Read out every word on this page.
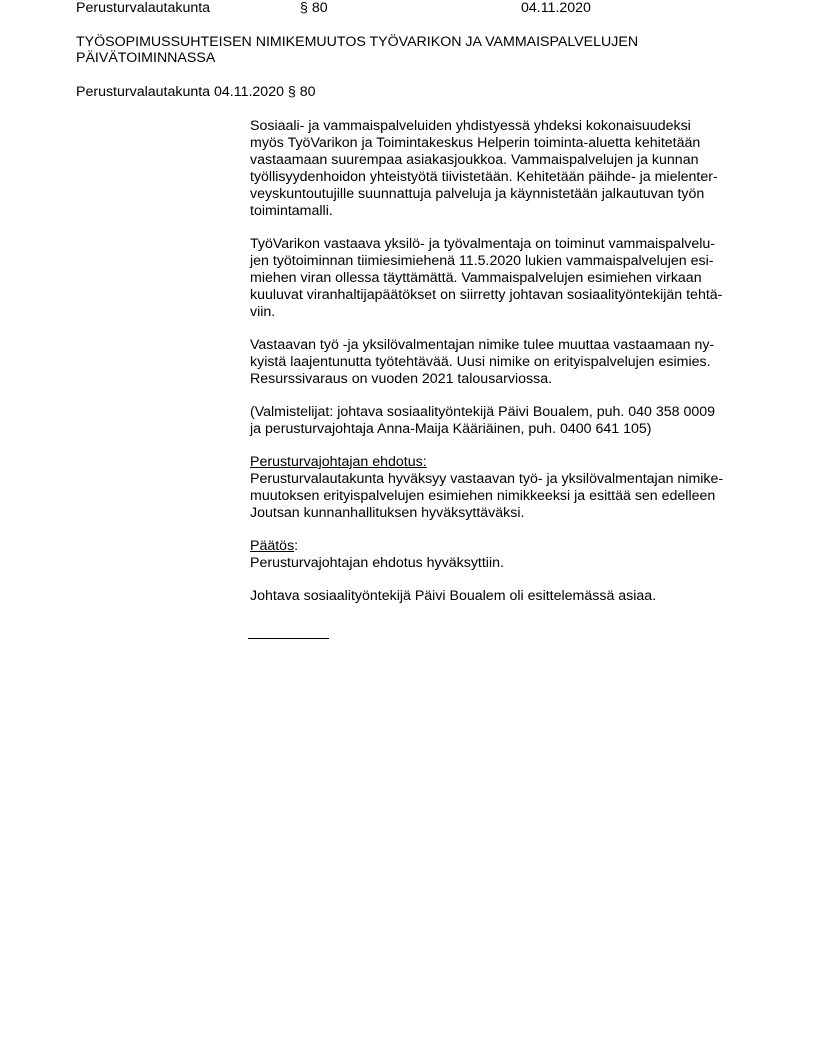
Perusturvalautakunta	§ 80	04.11.2020
TYÖSOPIMUSSUHTEISEN NIMIKEMUUTOS TYÖVARIKON JA VAMMAISPALVELUJEN
PÄIVÄTOIMINNASSA
Perusturvalautakunta 04.11.2020 § 80
Sosiaali- ja vammaispalveluiden yhdistyessä yhdeksi kokonaisuudeksi
myös TyöVarikon ja Toimintakeskus Helperin toiminta-aluetta kehitetään
vastaamaan suurempaa asiakasjoukkoa. Vammaispalvelujen ja kunnan
työllisyydenhoidon yhteistyötä tiivistetään. Kehitetään päihde- ja mielenter-
veyskuntoutujille suunnattuja palveluja ja käynnistetään jalkautuvan työn
toimintamalli.
TyöVarikon vastaava yksilö- ja työvalmentaja on toiminut vammaispalvelu-
jen työtoiminnan tiimiesimiehenä 11.5.2020 lukien vammaispalvelujen esi-
miehen viran ollessa täyttämättä. Vammaispalvelujen esimiehen virkaan
kuuluvat viranhaltijapäätökset on siirretty johtavan sosiaalityöntekijän tehtä-
viin.
Vastaavan työ -ja yksilövalmentajan nimike tulee muuttaa vastaamaan ny-
kyistä laajentunutta työtehtävää. Uusi nimike on erityispalvelujen esimies.
Resurssivaraus on vuoden 2021 talousarviossa.
(Valmistelijat: johtava sosiaalityöntekijä Päivi Boualem, puh. 040 358 0009
ja perusturvajohtaja Anna-Maija Kääriäinen, puh. 0400 641 105)
Perusturvajohtajan ehdotus:
Perusturvalautakunta hyväksyy vastaavan työ- ja yksilövalmentajan nimike-
muutoksen erityispalvelujen esimiehen nimikkeeksi ja esittää sen edelleen
Joutsan kunnanhallituksen hyväksyttäväksi.
Päätös:
Perusturvajohtajan ehdotus hyväksyttiin.
Johtava sosiaalityöntekijä Päivi Boualem oli esittelemässä asiaa.
